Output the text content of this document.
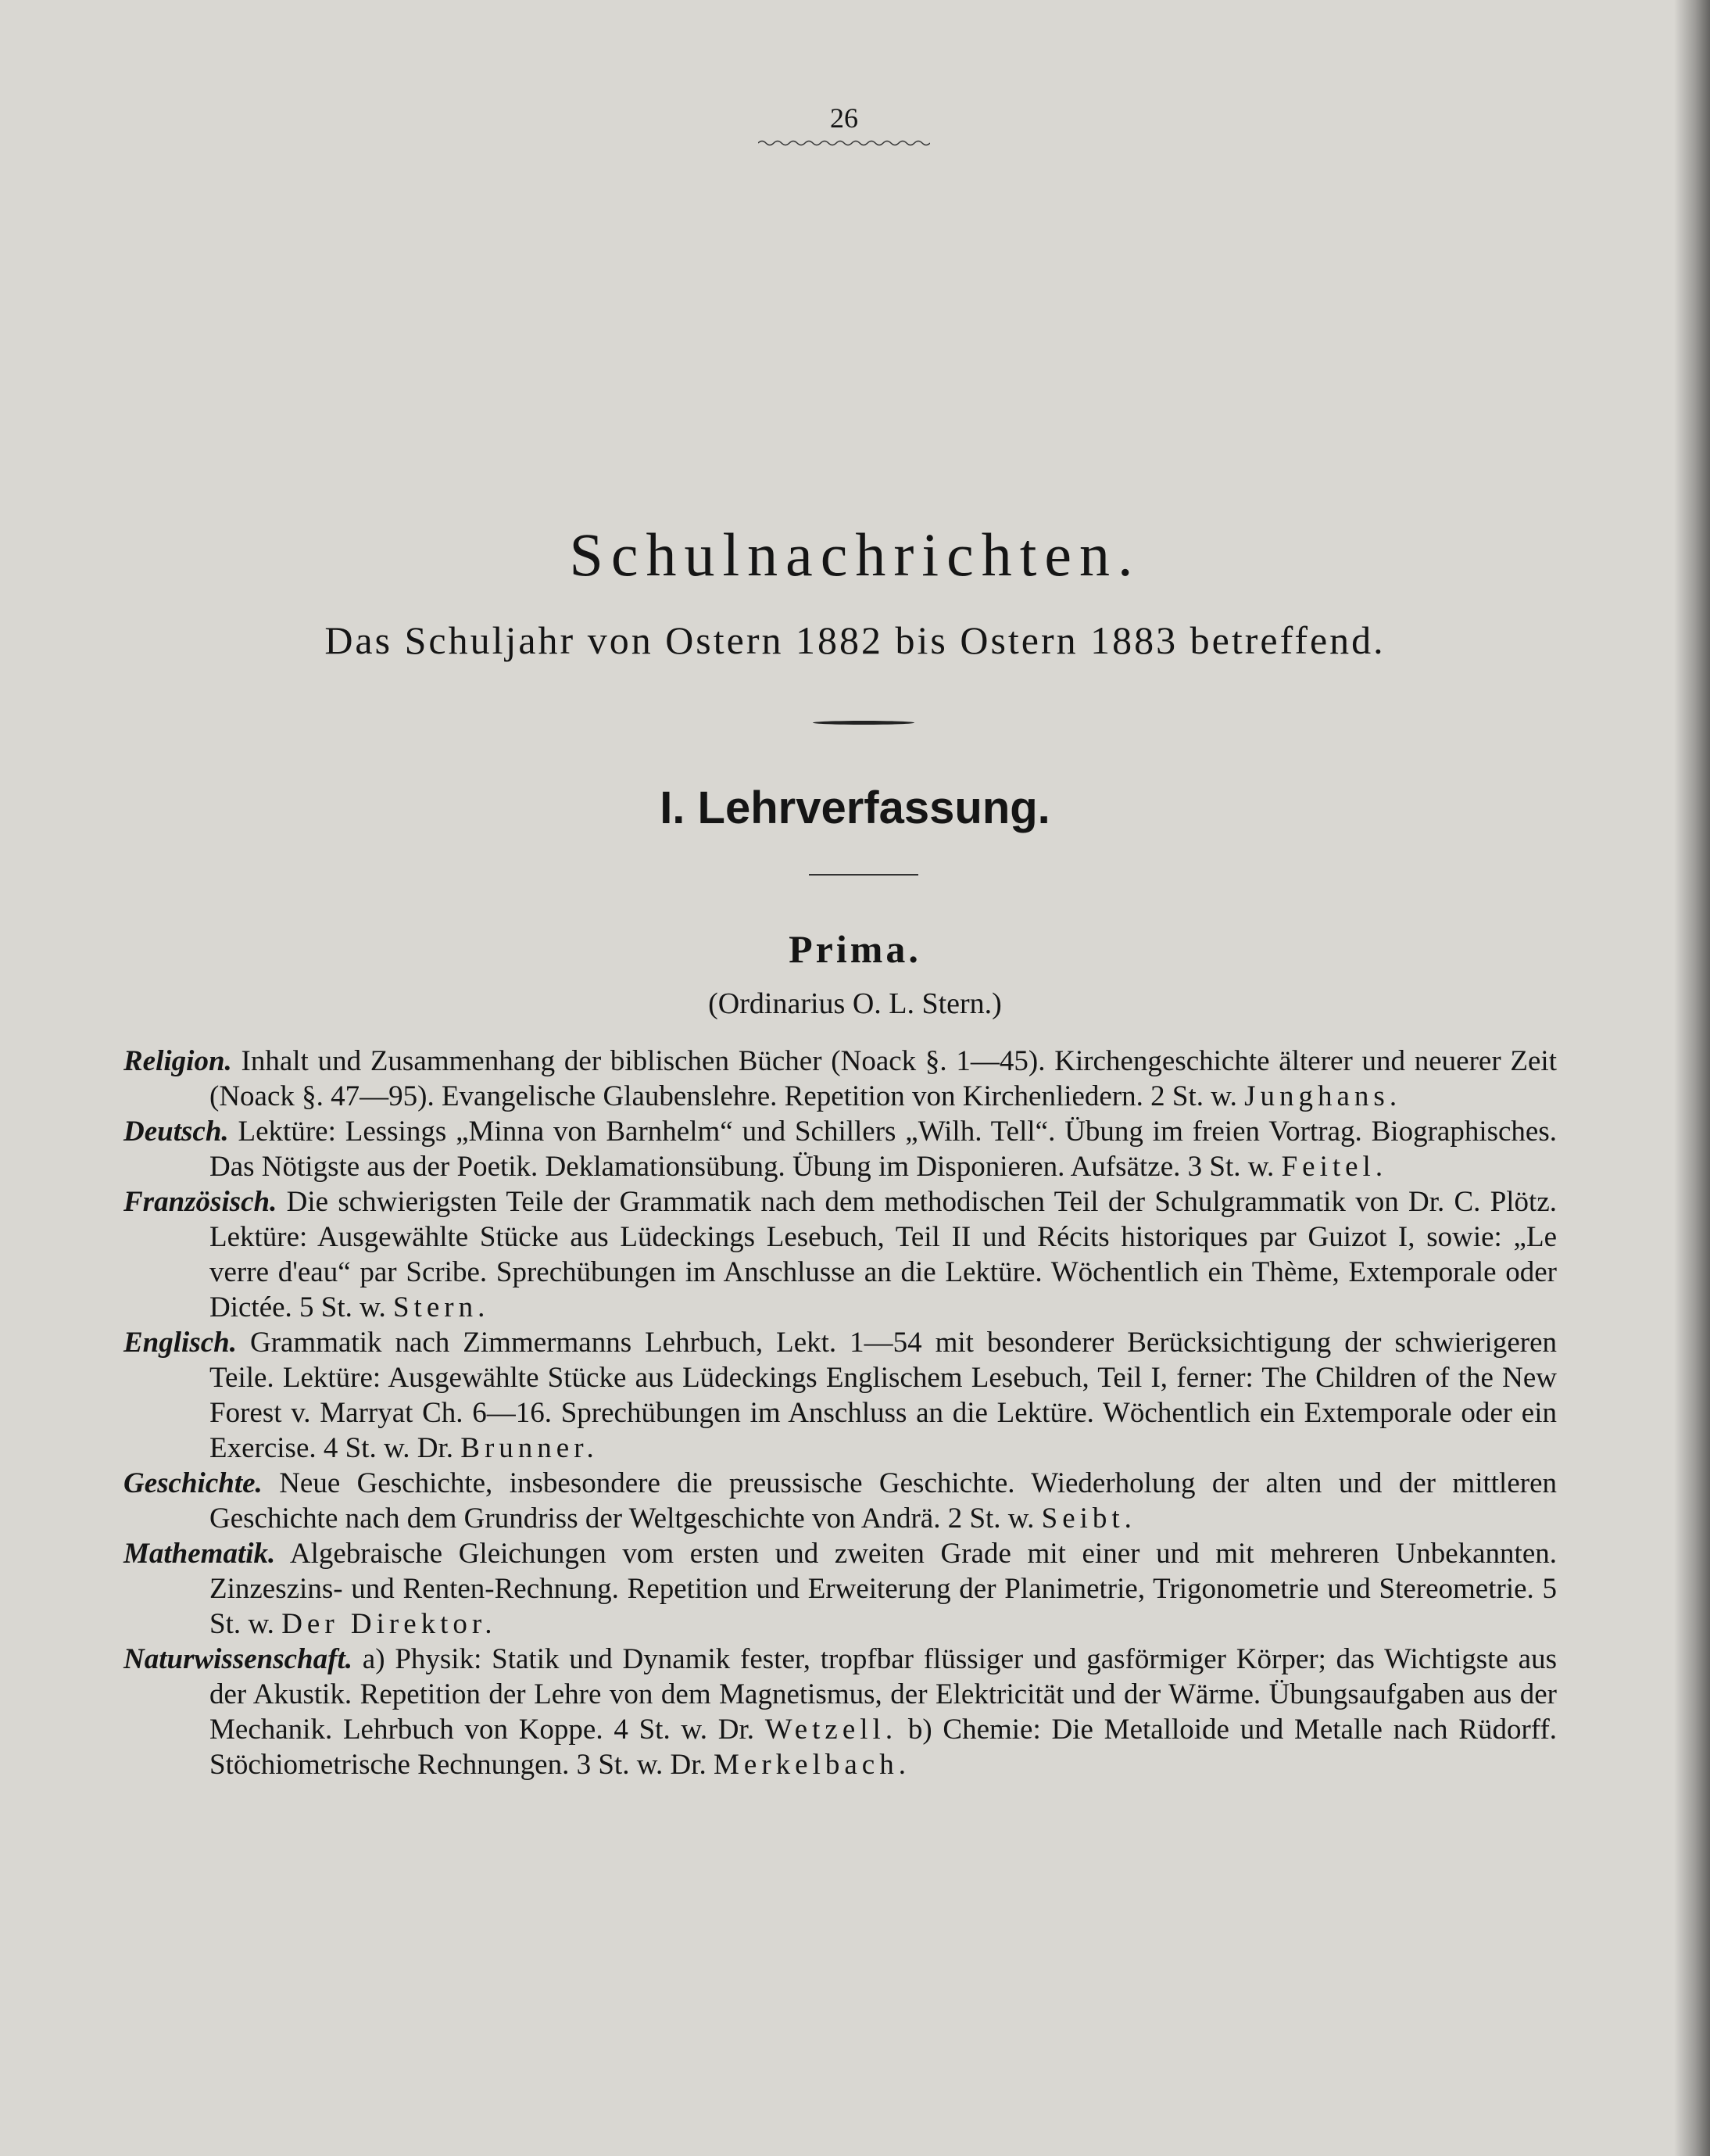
26
Schulnachrichten.
Das Schuljahr von Ostern 1882 bis Ostern 1883 betreffend.
I. Lehrverfassung.
Prima.
(Ordinarius O. L. Stern.)

Religion. Inhalt und Zusammenhang der biblischen Bücher (Noack §. 1—45). Kirchengeschichte älterer und neuerer Zeit (Noack §. 47—95). Evangelische Glaubenslehre. Repetition von Kirchenliedern. 2 St. w. Junghans.

Deutsch. Lektüre: Lessings „Minna von Barnhelm“ und Schillers „Wilh. Tell“. Übung im freien Vortrag. Biographisches. Das Nötigste aus der Poetik. Deklamationsübung. Übung im Disponieren. Aufsätze. 3 St. w. Feitel.

Französisch. Die schwierigsten Teile der Grammatik nach dem methodischen Teil der Schulgrammatik von Dr. C. Plötz. Lektüre: Ausgewählte Stücke aus Lüdeckings Lesebuch, Teil II und Récits historiques par Guizot I, sowie: „Le verre d'eau“ par Scribe. Sprechübungen im Anschlusse an die Lektüre. Wöchentlich ein Thème, Extemporale oder Dictée. 5 St. w. Stern.

Englisch. Grammatik nach Zimmermanns Lehrbuch, Lekt. 1—54 mit besonderer Berücksichtigung der schwierigeren Teile. Lektüre: Ausgewählte Stücke aus Lüdeckings Englischem Lesebuch, Teil I, ferner: The Children of the New Forest v. Marryat Ch. 6—16. Sprechübungen im Anschluss an die Lektüre. Wöchentlich ein Extemporale oder ein Exercise. 4 St. w. Dr. Brunner.

Geschichte. Neue Geschichte, insbesondere die preussische Geschichte. Wiederholung der alten und der mittleren Geschichte nach dem Grundriss der Weltgeschichte von Andrä. 2 St. w. Seibt.

Mathematik. Algebraische Gleichungen vom ersten und zweiten Grade mit einer und mit mehreren Unbekannten. Zinzeszins- und Renten-Rechnung. Repetition und Erweiterung der Planimetrie, Trigonometrie und Stereometrie. 5 St. w. Der Direktor.

Naturwissenschaft. a) Physik: Statik und Dynamik fester, tropfbar flüssiger und gasförmiger Körper; das Wichtigste aus der Akustik. Repetition der Lehre von dem Magnetismus, der Elektricität und der Wärme. Übungsaufgaben aus der Mechanik. Lehrbuch von Koppe. 4 St. w. Dr. Wetzell. b) Chemie: Die Metalloide und Metalle nach Rüdorff. Stöchiometrische Rechnungen. 3 St. w. Dr. Merkelbach.
